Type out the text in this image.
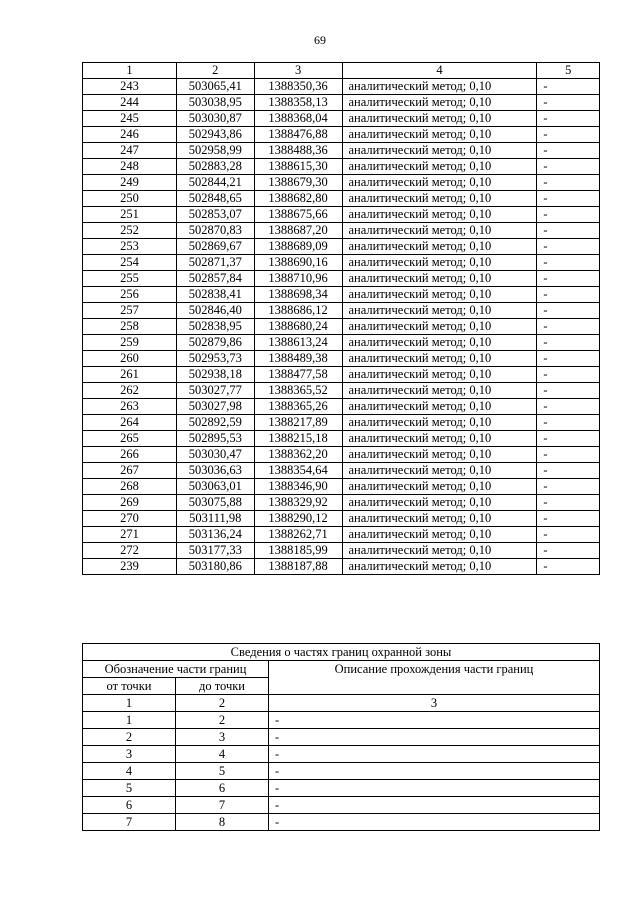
69
1	2	3	4	5
243	503065,41	1388350,36	аналитический метод; 0,10	-
244	503038,95	1388358,13	аналитический метод; 0,10	-
245	503030,87	1388368,04	аналитический метод; 0,10	-
246	502943,86	1388476,88	аналитический метод; 0,10	-
247	502958,99	1388488,36	аналитический метод; 0,10	-
248	502883,28	1388615,30	аналитический метод; 0,10	-
249	502844,21	1388679,30	аналитический метод; 0,10	-
250	502848,65	1388682,80	аналитический метод; 0,10	-
251	502853,07	1388675,66	аналитический метод; 0,10	-
252	502870,83	1388687,20	аналитический метод; 0,10	-
253	502869,67	1388689,09	аналитический метод; 0,10	-
254	502871,37	1388690,16	аналитический метод; 0,10	-
255	502857,84	1388710,96	аналитический метод; 0,10	-
256	502838,41	1388698,34	аналитический метод; 0,10	-
257	502846,40	1388686,12	аналитический метод; 0,10	-
258	502838,95	1388680,24	аналитический метод; 0,10	-
259	502879,86	1388613,24	аналитический метод; 0,10	-
260	502953,73	1388489,38	аналитический метод; 0,10	-
261	502938,18	1388477,58	аналитический метод; 0,10	-
262	503027,77	1388365,52	аналитический метод; 0,10	-
263	503027,98	1388365,26	аналитический метод; 0,10	-
264	502892,59	1388217,89	аналитический метод; 0,10	-
265	502895,53	1388215,18	аналитический метод; 0,10	-
266	503030,47	1388362,20	аналитический метод; 0,10	-
267	503036,63	1388354,64	аналитический метод; 0,10	-
268	503063,01	1388346,90	аналитический метод; 0,10	-
269	503075,88	1388329,92	аналитический метод; 0,10	-
270	503111,98	1388290,12	аналитический метод; 0,10	-
271	503136,24	1388262,71	аналитический метод; 0,10	-
272	503177,33	1388185,99	аналитический метод; 0,10	-
239	503180,86	1388187,88	аналитический метод; 0,10	-
Сведения о частях границ охранной зоны		
Обозначение части границ		Описание прохождения части границ
от точки	до точки	
1	2	3
1	2	-
2	3	-
3	4	-
4	5	-
5	6	-
6	7	-
7	8	-
